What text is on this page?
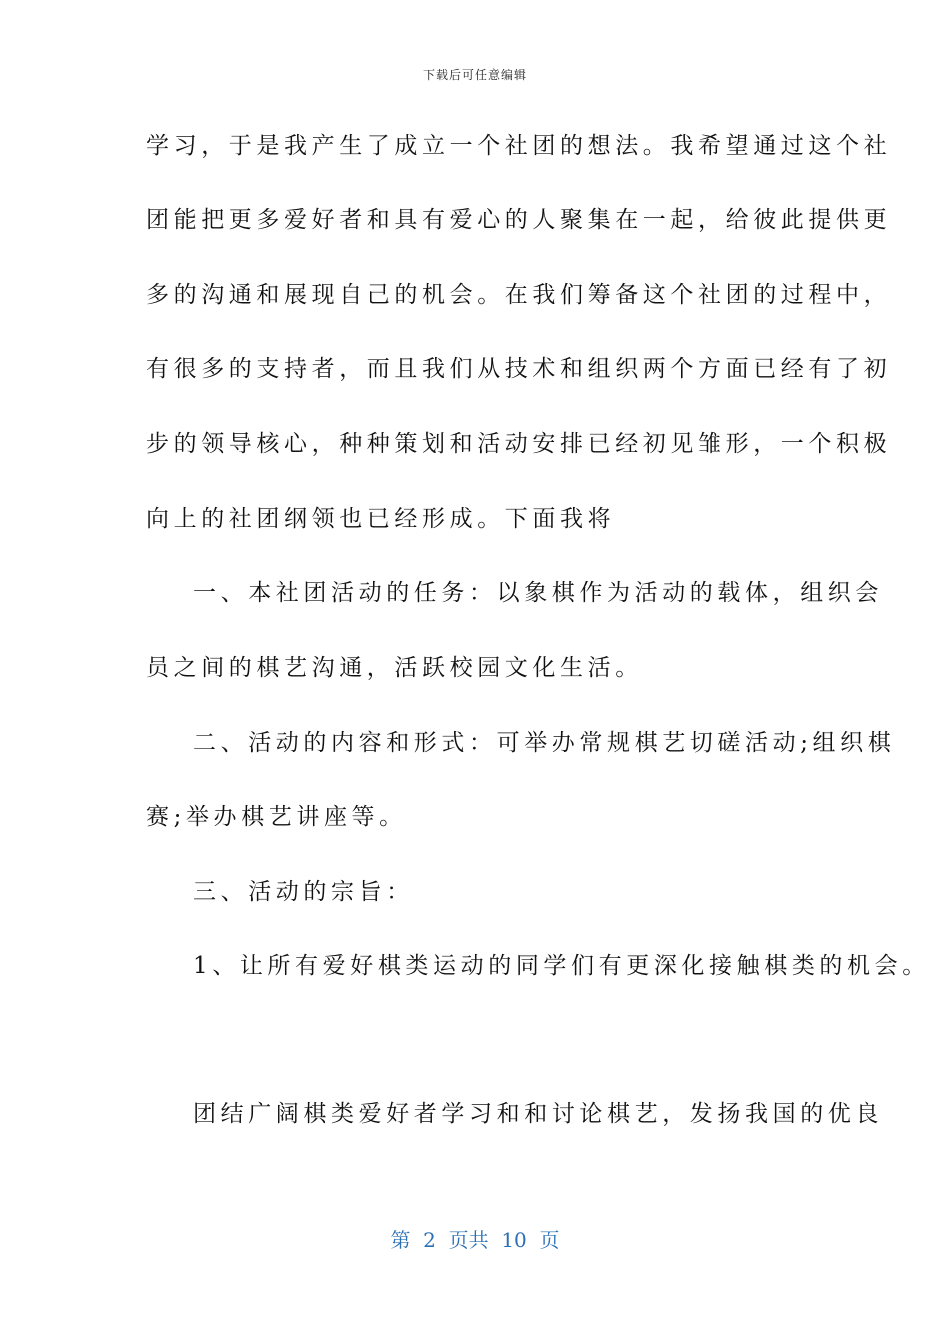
下载后可任意编辑
学习，于是我产生了成立一个社团的想法。我希望通过这个社
团能把更多爱好者和具有爱心的人聚集在一起，给彼此提供更
多的沟通和展现自己的机会。在我们筹备这个社团的过程中，
有很多的支持者，而且我们从技术和组织两个方面已经有了初
步的领导核心，种种策划和活动安排已经初见雏形，一个积极
向上的社团纲领也已经形成。下面我将
一、本社团活动的任务：以象棋作为活动的载体，组织会
员之间的棋艺沟通，活跃校园文化生活。
二、活动的内容和形式：可举办常规棋艺切磋活动;组织棋
赛;举办棋艺讲座等。
三、活动的宗旨：
1、让所有爱好棋类运动的同学们有更深化接触棋类的机会。
团结广阔棋类爱好者学习和和讨论棋艺，发扬我国的优良
第  2  页共  10  页
